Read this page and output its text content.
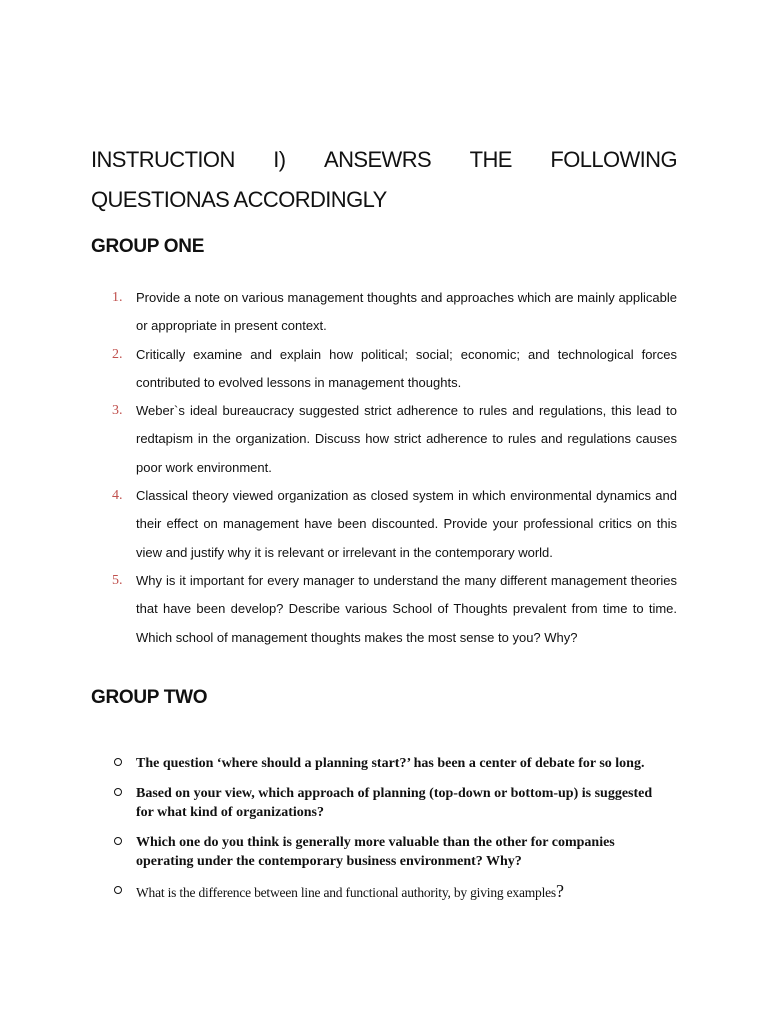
INSTRUCTION I) ANSEWRS THE FOLLOWING
QUESTIONAS ACCORDINGLY
GROUP ONE
1. Provide a note on various management thoughts and approaches which are mainly applicable or appropriate in present context.
2. Critically examine and explain how political; social; economic; and technological forces contributed to evolved lessons in management thoughts.
3. Weber`s ideal bureaucracy suggested strict adherence to rules and regulations, this lead to redtapism in the organization. Discuss how strict adherence to rules and regulations causes poor work environment.
4. Classical theory viewed organization as closed system in which environmental dynamics and their effect on management have been discounted. Provide your professional critics on this view and justify why it is relevant or irrelevant in the contemporary world.
5. Why is it important for every manager to understand the many different management theories that have been develop? Describe various School of Thoughts prevalent from time to time. Which school of management thoughts makes the most sense to you? Why?
GROUP TWO
The question ‘where should a planning start?’ has been a center of debate for so long.
Based on your view, which approach of planning (top-down or bottom-up) is suggested for what kind of organizations?
Which one do you think is generally more valuable than the other for companies operating under the contemporary business environment? Why?
What is the difference between line and functional authority, by giving examples?
